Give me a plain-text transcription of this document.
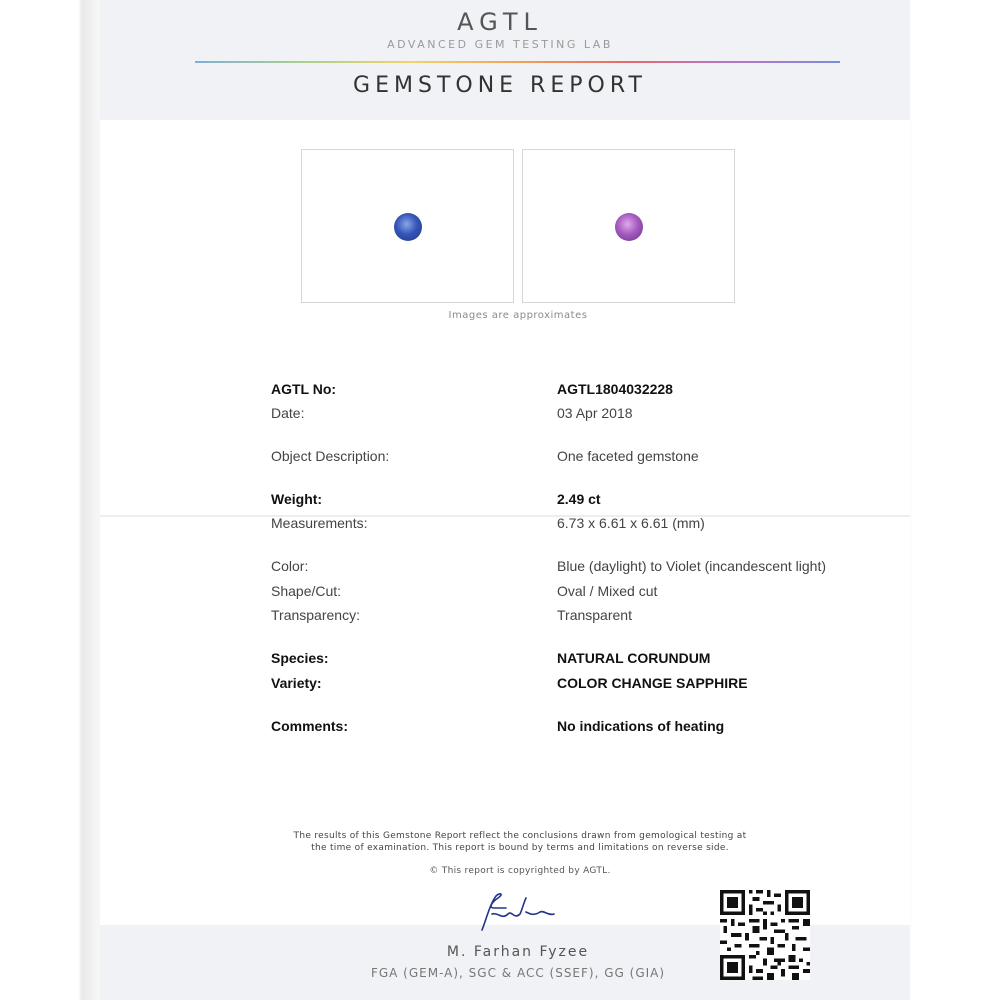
AGTL
ADVANCED GEM TESTING LAB
GEMSTONE REPORT
Images are approximates
AGTL No:	AGTL1804032228
Date:	03 Apr 2018
Object Description:	One faceted gemstone
Weight:	2.49 ct
Measurements:	6.73 x 6.61 x 6.61 (mm)
Color:	Blue (daylight) to Violet (incandescent light)
Shape/Cut:	Oval / Mixed cut
Transparency:	Transparent
Species:	NATURAL CORUNDUM
Variety:	COLOR CHANGE SAPPHIRE
Comments:	No indications of heating
The results of this Gemstone Report reflect the conclusions drawn from gemological testing at
the time of examination. This report is bound by terms and limitations on reverse side.
© This report is copyrighted by AGTL.
M. Farhan Fyzee
FGA (GEM-A), SGC & ACC (SSEF), GG (GIA)
